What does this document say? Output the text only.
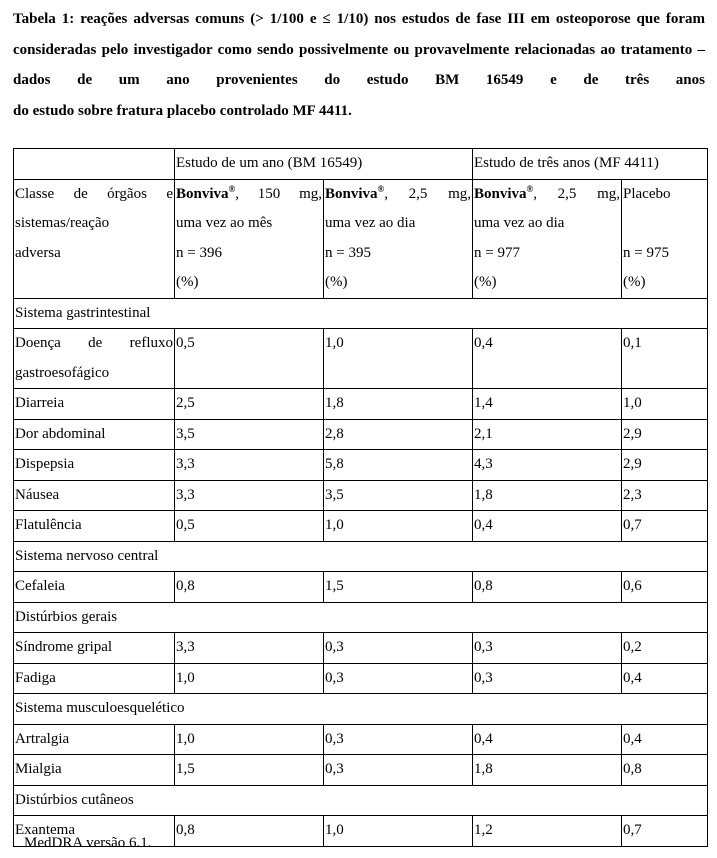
Tabela 1: reações adversas comuns (> 1/100 e ≤ 1/10) nos estudos de fase III em osteoporose que foram consideradas pelo investigador como sendo possivelmente ou provavelmente relacionadas ao tratamento – dados de um ano provenientes do estudo BM 16549 e de três anos do estudo sobre fratura placebo controlado MF 4411.
	Estudo de um ano (BM 16549)		Estudo de três anos (MF 4411)	

Classe de órgãos e
sistemas/reação
adversa	Bonviva®, 150 mg,
uma vez ao mês
n = 396
(%)	Bonviva®, 2,5 mg,
uma vez ao dia
n = 395
(%)	Bonviva®, 2,5 mg,
uma vez ao dia
n = 977
(%)	Placebo
n = 975
(%)

Sistema gastrintestinal				

Doença de refluxo
gastroesofágico	0,5	1,0	0,4	0,1

Diarreia	2,5	1,8	1,4	1,0

Dor abdominal	3,5	2,8	2,1	2,9

Dispepsia	3,3	5,8	4,3	2,9

Náusea	3,3	3,5	1,8	2,3

Flatulência	0,5	1,0	0,4	0,7
Sistema nervoso central				

Cefaleia	0,8	1,5	0,8	0,6
Distúrbios gerais				

Síndrome gripal	3,3	0,3	0,3	0,2

Fadiga	1,0	0,3	0,3	0,4
Sistema musculoesquelético				

Artralgia	1,0	0,3	0,4	0,4

Mialgia	1,5	0,3	1,8	0,8
Distúrbios cutâneos				

Exantema	0,8	1,0	1,2	0,7
MedDRA versão 6.1.
